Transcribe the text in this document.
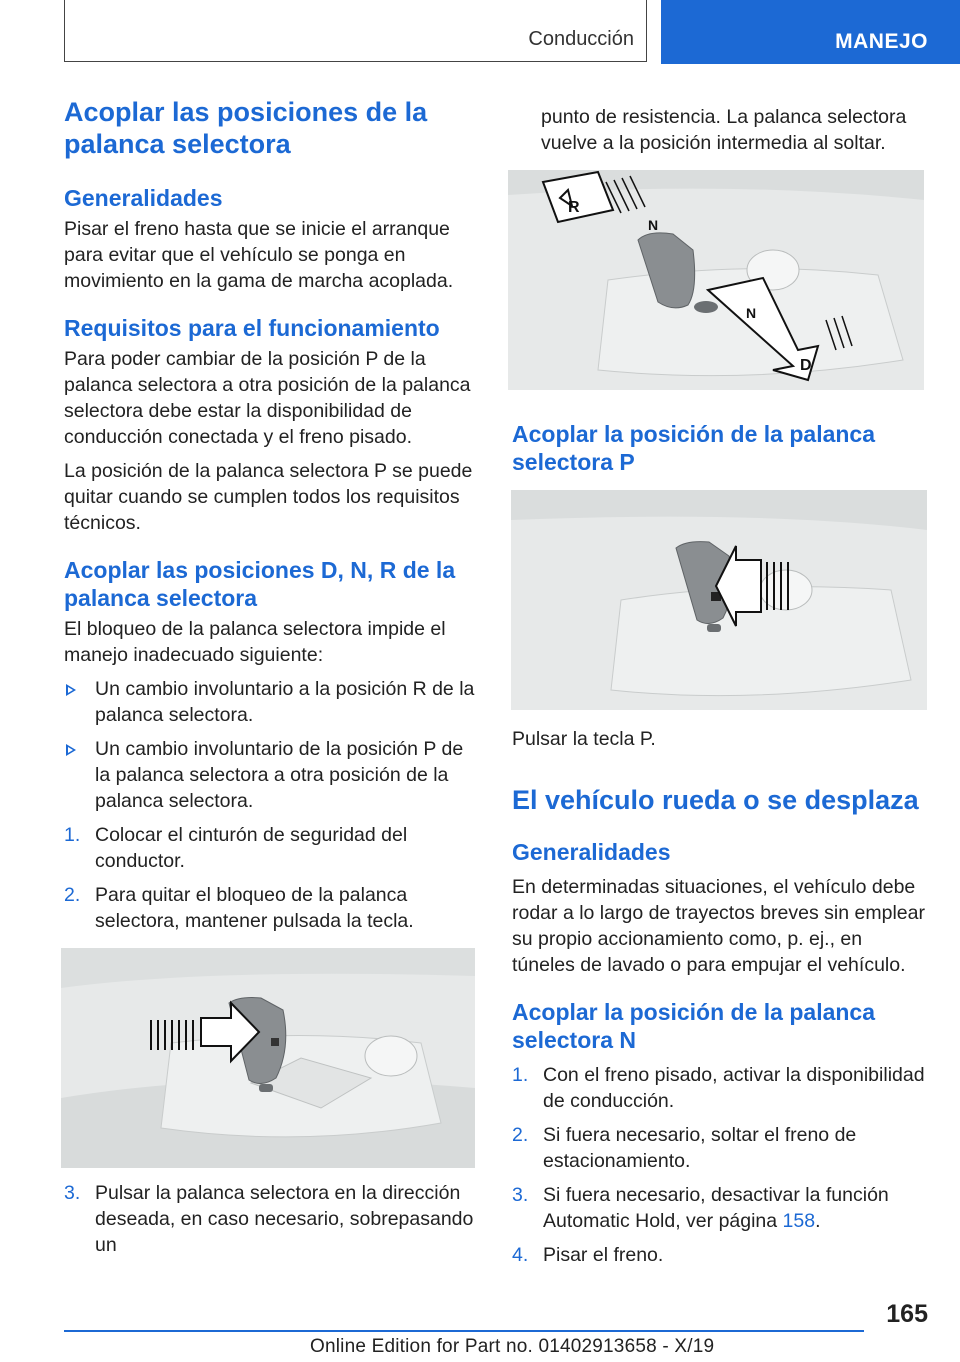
Conducción	MANEJO
Acoplar las posiciones de la palanca selectora
Generalidades

Pisar el freno hasta que se inicie el arranque para evitar que el vehículo se ponga en movimiento en la gama de marcha acoplada.

Requisitos para el funcionamiento

Para poder cambiar de la posición P de la palanca selectora a otra posición de la palanca selectora debe estar la disponibilidad de conducción conectada y el freno pisado.

La posición de la palanca selectora P se puede quitar cuando se cumplen todos los requisitos técnicos.

Acoplar las posiciones D, N, R de la palanca selectora

El bloqueo de la palanca selectora impide el manejo inadecuado siguiente:

Un cambio involuntario a la posición R de la palanca selectora.
Un cambio involuntario de la posición P de la palanca selectora a otra posición de la palanca selectora.
1. Colocar el cinturón de seguridad del conductor.
2. Para quitar el bloqueo de la palanca selectora, mantener pulsada la tecla.
3. Pulsar la palanca selectora en la dirección deseada, en caso necesario, sobrepasando un

punto de resistencia. La palanca selectora vuelve a la posición intermedia al soltar.

R
N
N
D
Acoplar la posición de la palanca selectora P

Pulsar la tecla P.

El vehículo rueda o se desplaza
Generalidades

En determinadas situaciones, el vehículo debe rodar a lo largo de trayectos breves sin emplear su propio accionamiento como, p. ej., en túneles de lavado o para empujar el vehículo.

Acoplar la posición de la palanca selectora N
1. Con el freno pisado, activar la disponibilidad de conducción.
2. Si fuera necesario, soltar el freno de estacionamiento.
3. Si fuera necesario, desactivar la función Automatic Hold, ver página 158.
4. Pisar el freno.
165
Online Edition for Part no. 01402913658 - X/19
